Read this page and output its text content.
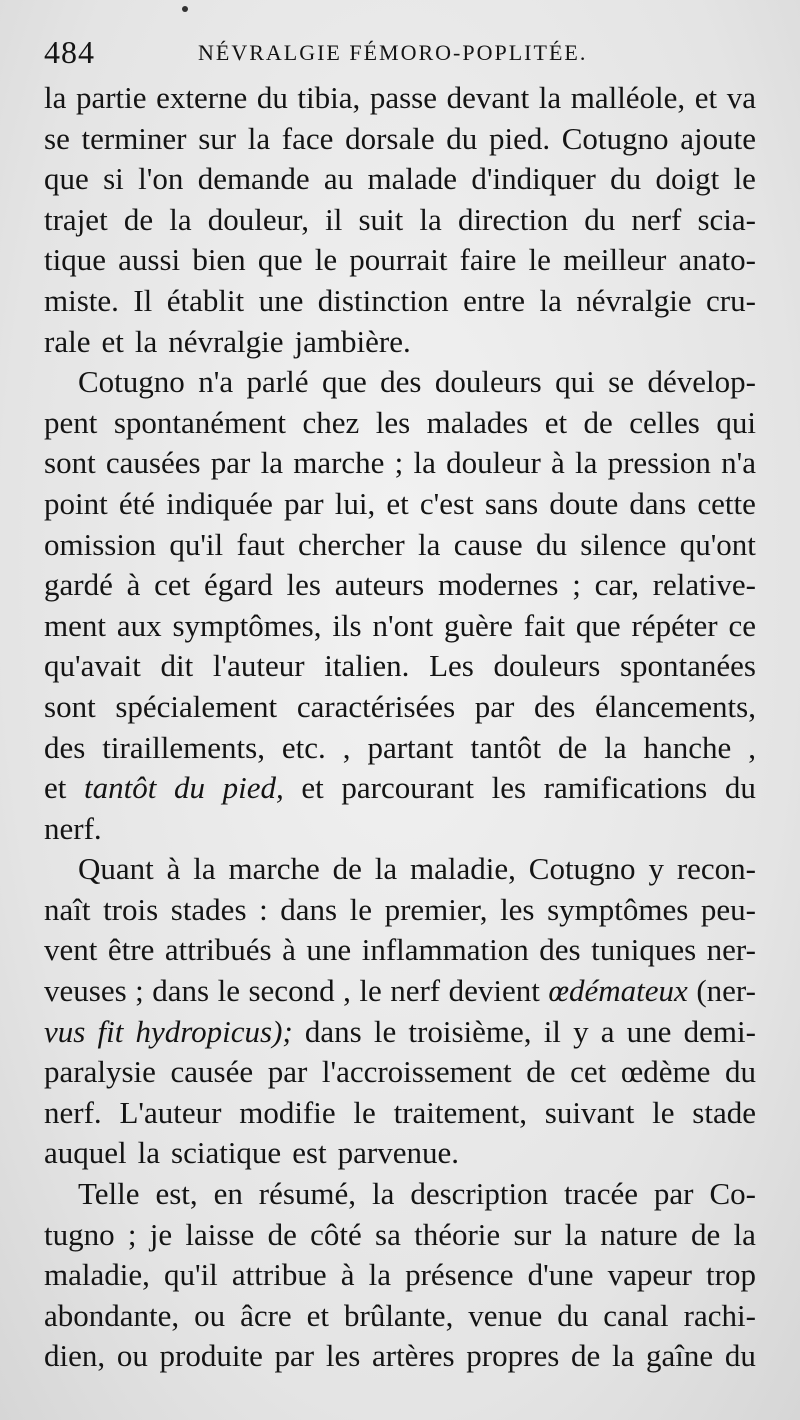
484	NÉVRALGIE FÉMORO-POPLITÉE.
la partie externe du tibia, passe devant la malléole, et va
se terminer sur la face dorsale du pied. Cotugno ajoute
que si l'on demande au malade d'indiquer du doigt le
trajet de la douleur, il suit la direction du nerf scia-
tique aussi bien que le pourrait faire le meilleur anato-
miste. Il établit une distinction entre la névralgie cru-
rale et la névralgie jambière.
Cotugno n'a parlé que des douleurs qui se dévelop-
pent spontanément chez les malades et de celles qui
sont causées par la marche ; la douleur à la pression n'a
point été indiquée par lui, et c'est sans doute dans cette
omission qu'il faut chercher la cause du silence qu'ont
gardé à cet égard les auteurs modernes ; car, relative-
ment aux symptômes, ils n'ont guère fait que répéter ce
qu'avait dit l'auteur italien. Les douleurs spontanées
sont spécialement caractérisées par des élancements,
des tiraillements, etc. , partant tantôt de la hanche ,
et tantôt du pied, et parcourant les ramifications du
nerf.
Quant à la marche de la maladie, Cotugno y recon-
naît trois stades : dans le premier, les symptômes peu-
vent être attribués à une inflammation des tuniques ner-
veuses ; dans le second , le nerf devient œdémateux (ner-
vus fit hydropicus); dans le troisième, il y a une demi-
paralysie causée par l'accroissement de cet œdème du
nerf. L'auteur modifie le traitement, suivant le stade
auquel la sciatique est parvenue.
Telle est, en résumé, la description tracée par Co-
tugno ; je laisse de côté sa théorie sur la nature de la
maladie, qu'il attribue à la présence d'une vapeur trop
abondante, ou âcre et brûlante, venue du canal rachi-
dien, ou produite par les artères propres de la gaîne du
